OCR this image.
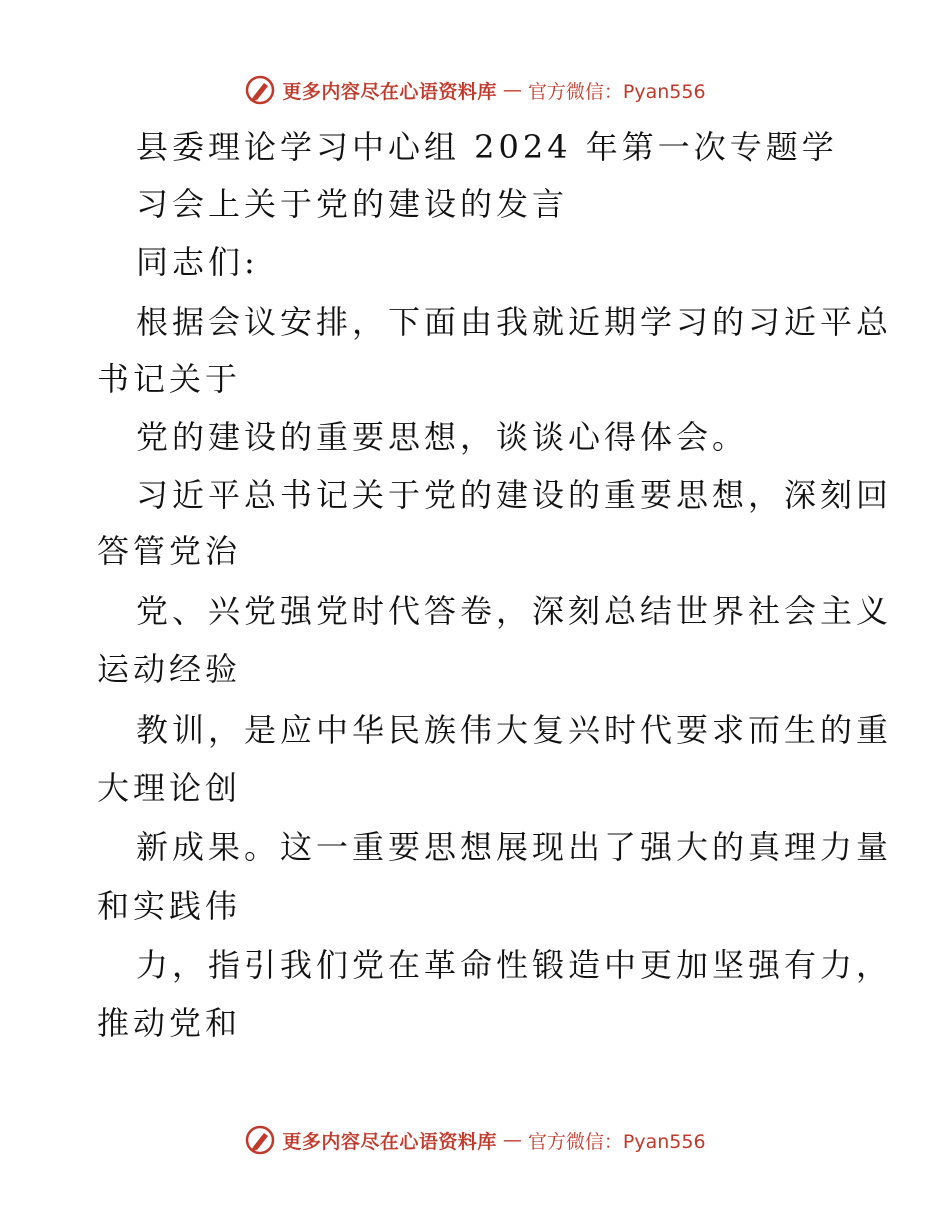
更多内容尽在心语资料库 — 官方微信：Pyan556
县委理论学习中心组 2024 年第一次专题学
习会上关于党的建设的发言
同志们:
根据会议安排，下面由我就近期学习的习近平总
书记关于
党的建设的重要思想，谈谈心得体会。
习近平总书记关于党的建设的重要思想，深刻回
答管党治
党、兴党强党时代答卷，深刻总结世界社会主义
运动经验
教训，是应中华民族伟大复兴时代要求而生的重
大理论创
新成果。这一重要思想展现出了强大的真理力量
和实践伟
力，指引我们党在革命性锻造中更加坚强有力，
推动党和
更多内容尽在心语资料库 — 官方微信：Pyan556
